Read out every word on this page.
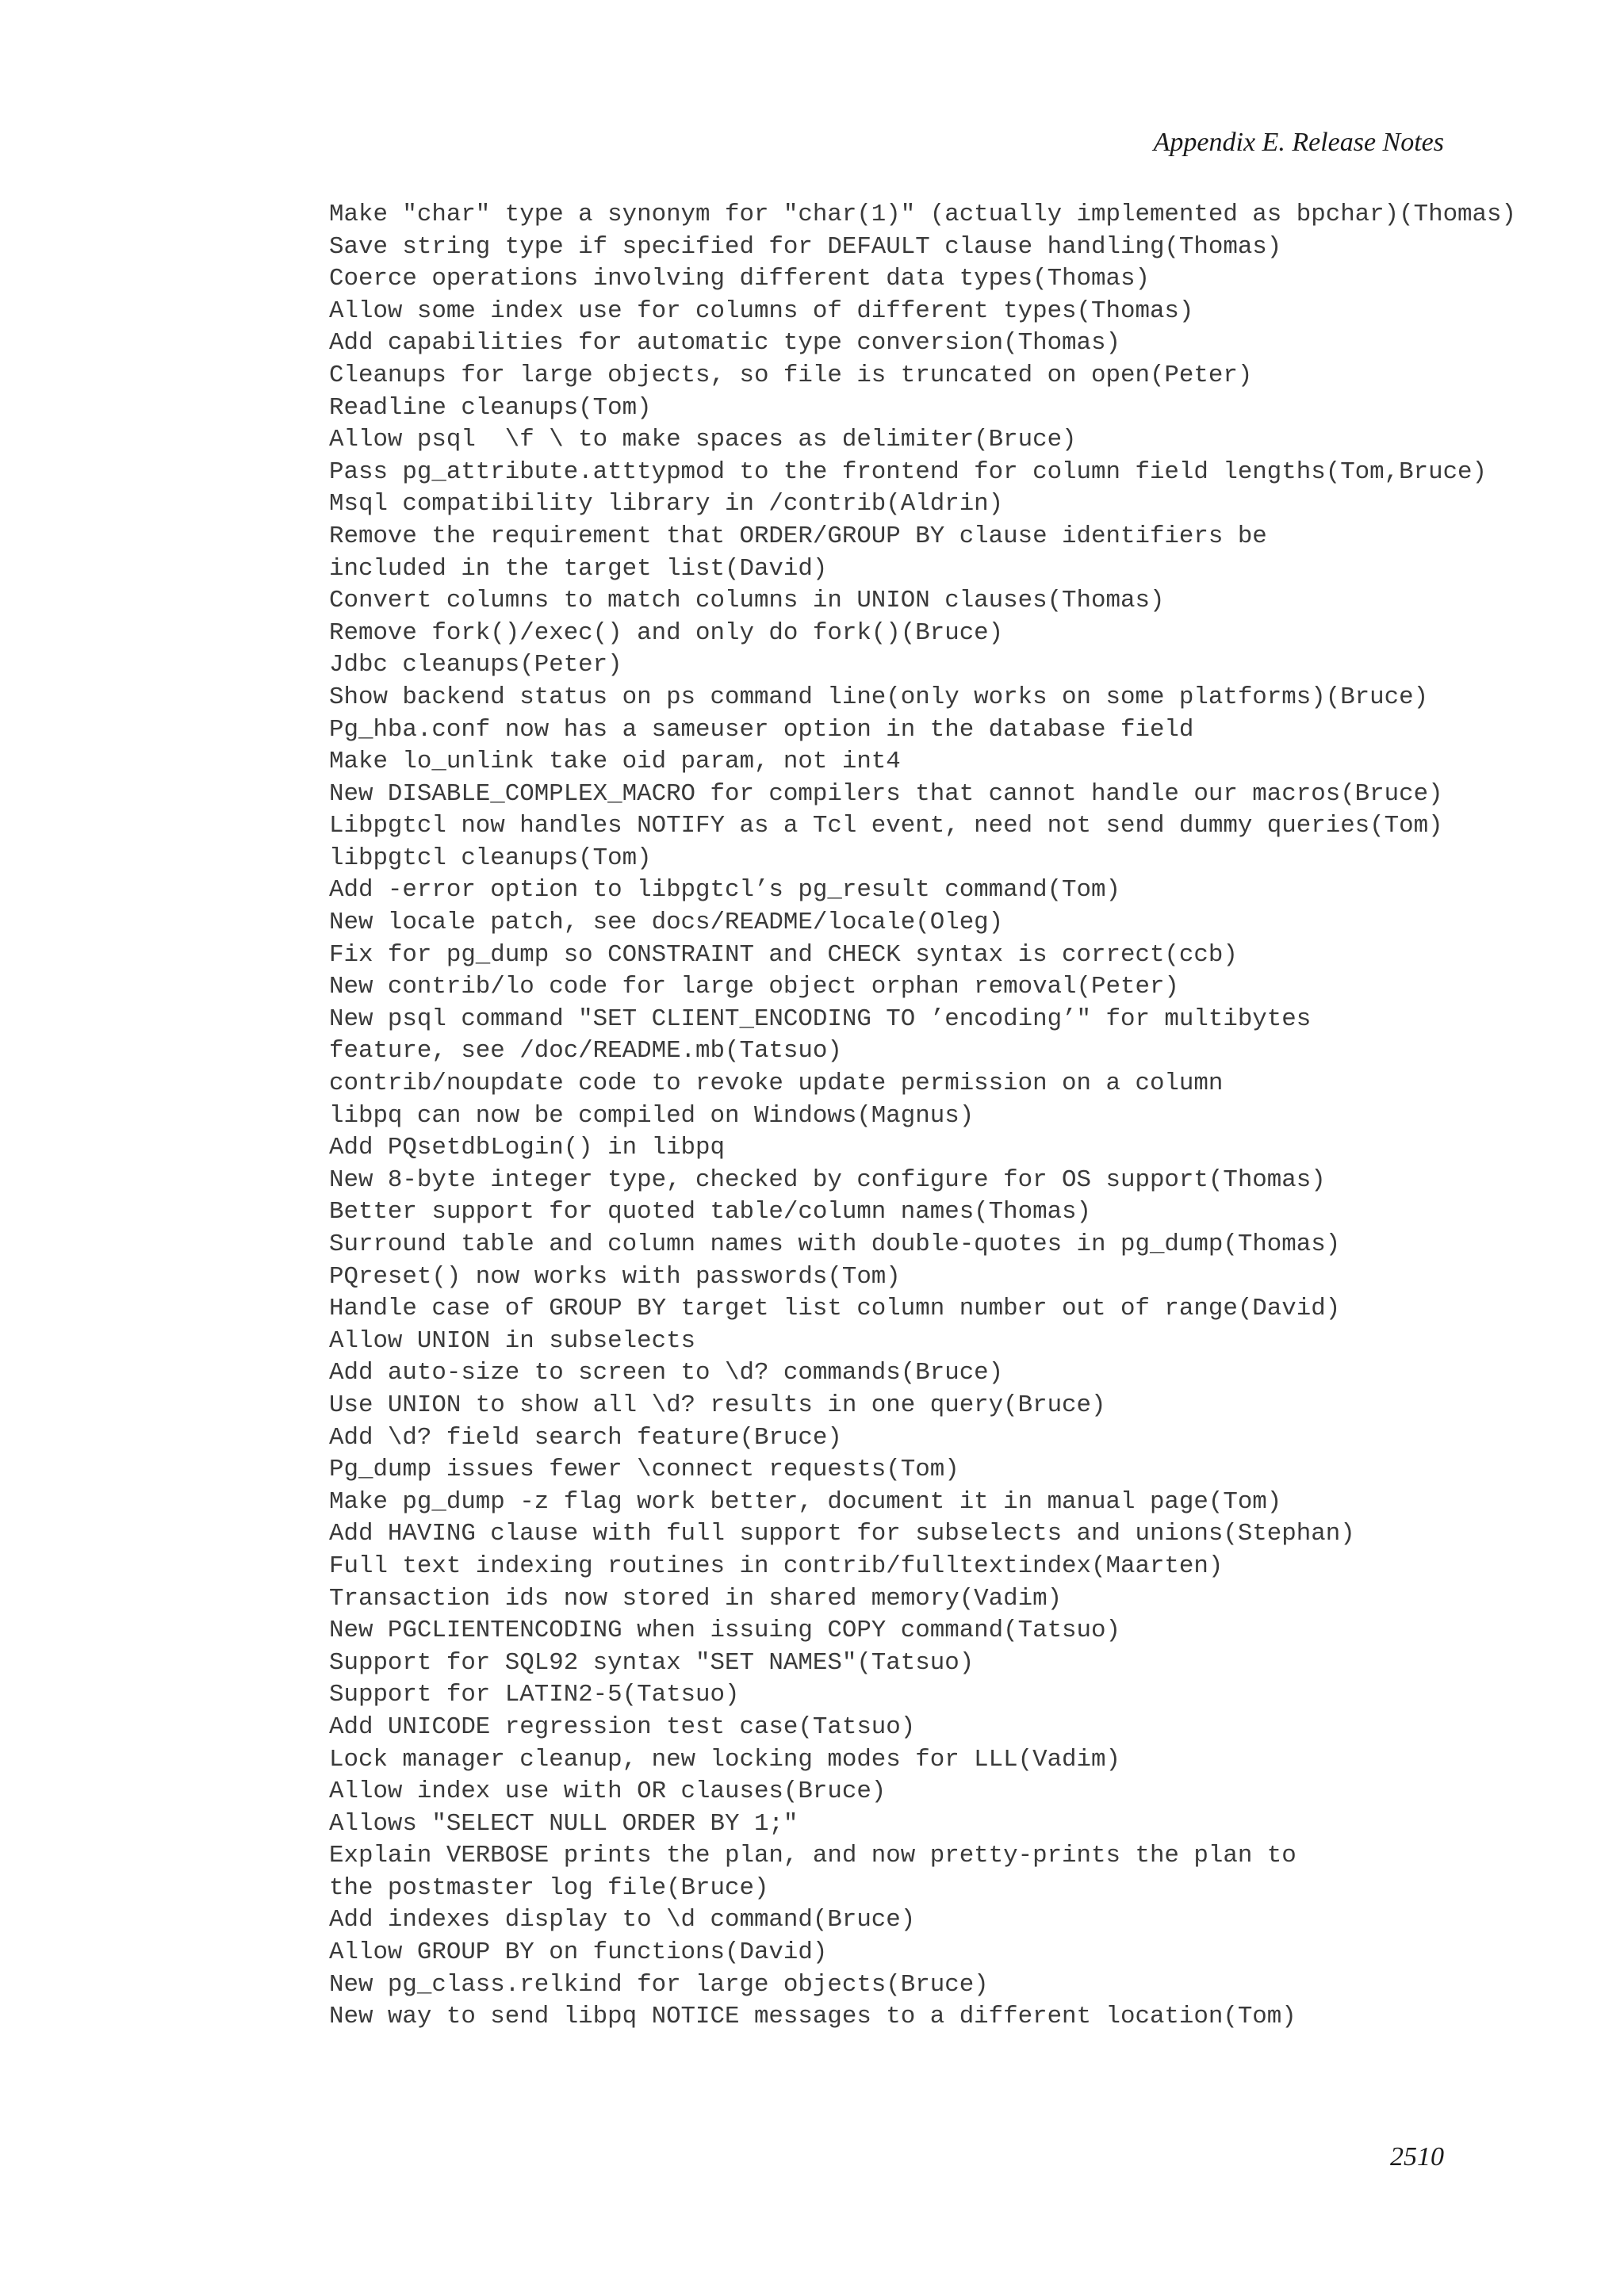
Appendix E. Release Notes
Make "char" type a synonym for "char(1)" (actually implemented as bpchar)(Thomas)
Save string type if specified for DEFAULT clause handling(Thomas)
Coerce operations involving different data types(Thomas)
Allow some index use for columns of different types(Thomas)
Add capabilities for automatic type conversion(Thomas)
Cleanups for large objects, so file is truncated on open(Peter)
Readline cleanups(Tom)
Allow psql  \f \ to make spaces as delimiter(Bruce)
Pass pg_attribute.atttypmod to the frontend for column field lengths(Tom,Bruce)
Msql compatibility library in /contrib(Aldrin)
Remove the requirement that ORDER/GROUP BY clause identifiers be
included in the target list(David)
Convert columns to match columns in UNION clauses(Thomas)
Remove fork()/exec() and only do fork()(Bruce)
Jdbc cleanups(Peter)
Show backend status on ps command line(only works on some platforms)(Bruce)
Pg_hba.conf now has a sameuser option in the database field
Make lo_unlink take oid param, not int4
New DISABLE_COMPLEX_MACRO for compilers that cannot handle our macros(Bruce)
Libpgtcl now handles NOTIFY as a Tcl event, need not send dummy queries(Tom)
libpgtcl cleanups(Tom)
Add -error option to libpgtcl’s pg_result command(Tom)
New locale patch, see docs/README/locale(Oleg)
Fix for pg_dump so CONSTRAINT and CHECK syntax is correct(ccb)
New contrib/lo code for large object orphan removal(Peter)
New psql command "SET CLIENT_ENCODING TO ’encoding’" for multibytes
feature, see /doc/README.mb(Tatsuo)
contrib/noupdate code to revoke update permission on a column
libpq can now be compiled on Windows(Magnus)
Add PQsetdbLogin() in libpq
New 8-byte integer type, checked by configure for OS support(Thomas)
Better support for quoted table/column names(Thomas)
Surround table and column names with double-quotes in pg_dump(Thomas)
PQreset() now works with passwords(Tom)
Handle case of GROUP BY target list column number out of range(David)
Allow UNION in subselects
Add auto-size to screen to \d? commands(Bruce)
Use UNION to show all \d? results in one query(Bruce)
Add \d? field search feature(Bruce)
Pg_dump issues fewer \connect requests(Tom)
Make pg_dump -z flag work better, document it in manual page(Tom)
Add HAVING clause with full support for subselects and unions(Stephan)
Full text indexing routines in contrib/fulltextindex(Maarten)
Transaction ids now stored in shared memory(Vadim)
New PGCLIENTENCODING when issuing COPY command(Tatsuo)
Support for SQL92 syntax "SET NAMES"(Tatsuo)
Support for LATIN2-5(Tatsuo)
Add UNICODE regression test case(Tatsuo)
Lock manager cleanup, new locking modes for LLL(Vadim)
Allow index use with OR clauses(Bruce)
Allows "SELECT NULL ORDER BY 1;"
Explain VERBOSE prints the plan, and now pretty-prints the plan to
the postmaster log file(Bruce)
Add indexes display to \d command(Bruce)
Allow GROUP BY on functions(David)
New pg_class.relkind for large objects(Bruce)
New way to send libpq NOTICE messages to a different location(Tom)
2510
